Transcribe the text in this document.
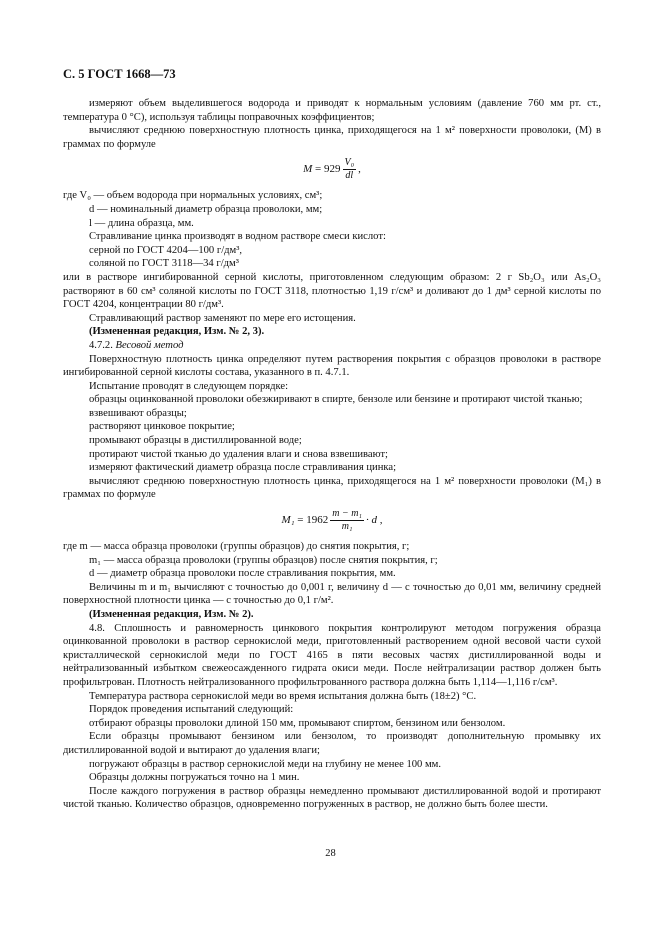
С. 5 ГОСТ 1668—73

измеряют объем выделившегося водорода и приводят к нормальным условиям (давление 760 мм рт. ст., температура 0 °С), используя таблицы поправочных коэффициентов;

вычисляют среднюю поверхностную плотность цинка, приходящегося на 1 м² поверхности проволоки, (М) в граммах по формуле

M
=
$929 \frac{\text{V₀}}{dl}$ ,

где V₀ — объем водорода при нормальных условиях, см³;

d — номинальный диаметр образца проволоки, мм;

l — длина образца, мм.

Стравливание цинка производят в водном растворе смеси кислот:

серной по ГОСТ 4204—100 г/дм³,

соляной по ГОСТ 3118—34 г/дм³

или в растворе ингибированной серной кислоты, приготовленном следующим образом: 2 г Sb₂O₃ или As₂O₃ растворяют в 60 см³ соляной кислоты по ГОСТ 3118, плотностью 1,19 г/см³ и доливают до 1 дм³ серной кислоты по ГОСТ 4204, концентрации 80 г/дм³.

Стравливающий раствор заменяют по мере его истощения.

(Измененная редакция, Изм. № 2, 3).

4.7.2. Весовой метод

Поверхностную плотность цинка определяют путем растворения покрытия с образцов проволоки в растворе ингибированной серной кислоты состава, указанного в п. 4.7.1.

Испытание проводят в следующем порядке:

образцы оцинкованной проволоки обезжиривают в спирте, бензоле или бензине и протирают чистой тканью;

взвешивают образцы;

растворяют цинковое покрытие;

промывают образцы в дистиллированной воде;

протирают чистой тканью до удаления влаги и снова взвешивают;

измеряют фактический диаметр образца после стравливания цинка;

вычисляют среднюю поверхностную плотность цинка, приходящегося на 1 м² поверхности проволоки (M₁) в граммах по формуле

M₁
=
$1962 \frac{\text{m − m₁}}{\text{m₁}} \cdot d$ ,

где m — масса образца проволоки (группы образцов) до снятия покрытия, г;

m₁ — масса образца проволоки (группы образцов) после снятия покрытия, г;

d — диаметр образца проволоки после стравливания покрытия, мм.

Величины m и m₁ вычисляют с точностью до 0,001 г, величину d — с точностью до 0,01 мм, величину средней поверхностной плотности цинка — с точностью до 0,1 г/м².

(Измененная редакция, Изм. № 2).

4.8. Сплошность и равномерность цинкового покрытия контролируют методом погружения образца оцинкованной проволоки в раствор сернокислой меди, приготовленный растворением одной весовой части сухой кристаллической сернокислой меди по ГОСТ 4165 в пяти весовых частях дистиллированной воды и нейтрализованный избытком свежеосажденного гидрата окиси меди. После нейтрализации раствор должен быть профильтрован. Плотность нейтрализованного профильтрованного раствора должна быть 1,114—1,116 г/см³.

Температура раствора сернокислой меди во время испытания должна быть (18±2) °С.

Порядок проведения испытаний следующий:

отбирают образцы проволоки длиной 150 мм, промывают спиртом, бензином или бензолом.

Если образцы промывают бензином или бензолом, то производят дополнительную промывку их дистиллированной водой и вытирают до удаления влаги;

погружают образцы в раствор сернокислой меди на глубину не менее 100 мм.

Образцы должны погружаться точно на 1 мин.

После каждого погружения в раствор образцы немедленно промывают дистиллированной водой и протирают чистой тканью. Количество образцов, одновременно погруженных в раствор, не должно быть более шести.

28
